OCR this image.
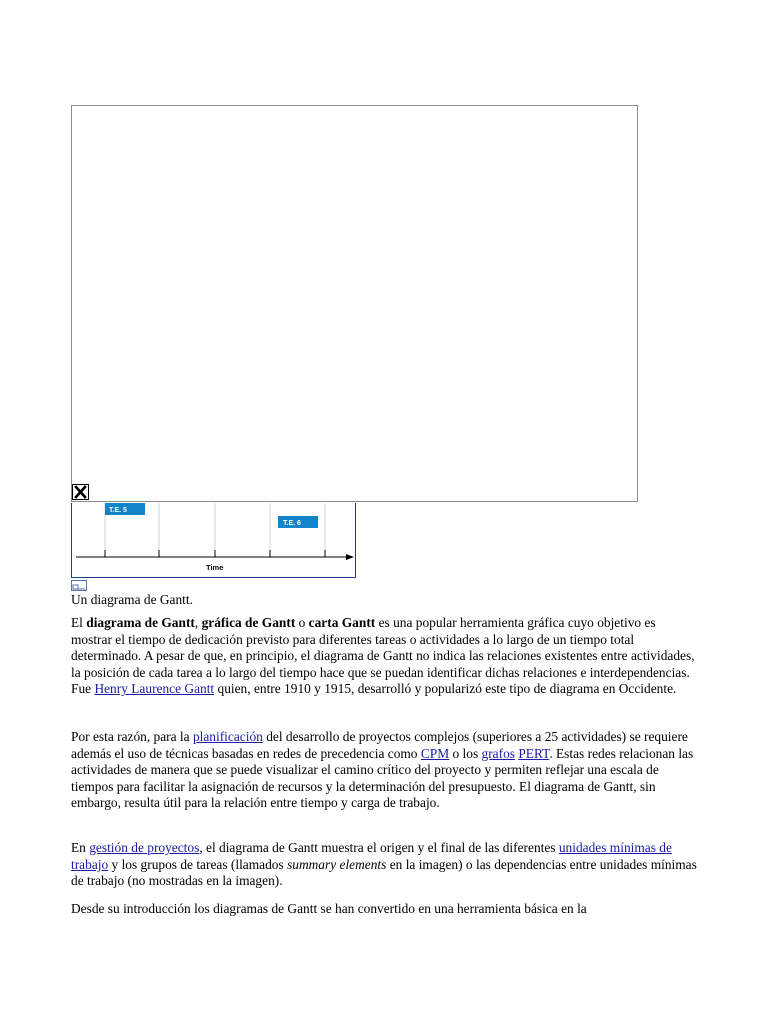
T.E. 5
T.E. 6
Time
Un diagrama de Gantt.

El diagrama de Gantt, gráfica de Gantt o carta Gantt es una popular herramienta gráfica cuyo objetivo es mostrar el tiempo de dedicación previsto para diferentes tareas o actividades a lo largo de un tiempo total determinado. A pesar de que, en principio, el diagrama de Gantt no indica las relaciones existentes entre actividades, la posición de cada tarea a lo largo del tiempo hace que se puedan identificar dichas relaciones e interdependencias. Fue Henry Laurence Gantt quien, entre 1910 y 1915, desarrolló y popularizó este tipo de diagrama en Occidente.

Por esta razón, para la planificación del desarrollo de proyectos complejos (superiores a 25 actividades) se requiere además el uso de técnicas basadas en redes de precedencia como CPM o los grafos PERT. Estas redes relacionan las actividades de manera que se puede visualizar el camino crítico del proyecto y permiten reflejar una escala de tiempos para facilitar la asignación de recursos y la determinación del presupuesto. El diagrama de Gantt, sin embargo, resulta útil para la relación entre tiempo y carga de trabajo.

En gestión de proyectos, el diagrama de Gantt muestra el origen y el final de las diferentes unidades mínimas de trabajo y los grupos de tareas (llamados summary elements en la imagen) o las dependencias entre unidades mínimas de trabajo (no mostradas en la imagen).

Desde su introducción los diagramas de Gantt se han convertido en una herramienta básica en la
